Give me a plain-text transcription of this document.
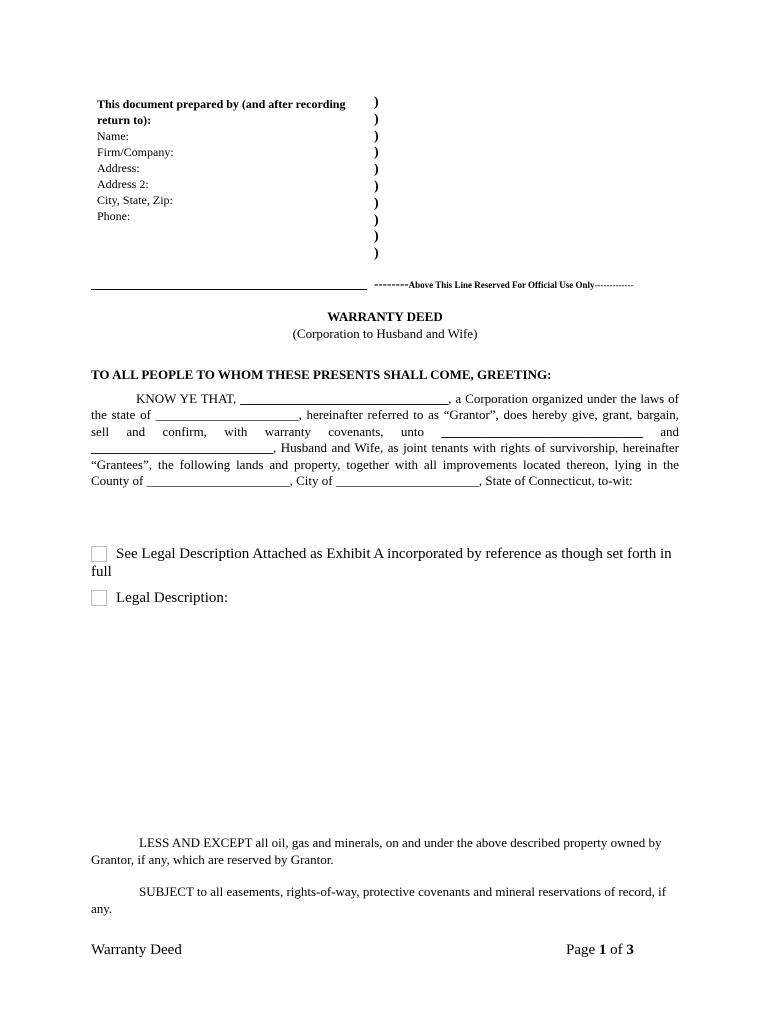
This document prepared by (and after recording
return to):
Name:
Firm/Company:
Address:
Address 2:
City, State, Zip:
Phone:
)
)
)
)
)
)
)
)
)
)
--------Above This Line Reserved For Official Use Only-------------
WARRANTY DEED
(Corporation to Husband and Wife)
TO ALL PEOPLE TO WHOM THESE PRESENTS SHALL COME, GREETING:

KNOW YE THAT, ________________________________, a Corporation organized under the laws of the state of ______________________, hereinafter referred to as “Grantor”, does hereby give, grant, bargain, sell and confirm, with warranty covenants, unto _______________________________ and ____________________________, Husband and Wife, as joint tenants with rights of survivorship, hereinafter “Grantees”, the following lands and property, together with all improvements located thereon, lying in the County of ______________________, City of ______________________, State of Connecticut, to-wit:

See Legal Description Attached as Exhibit A incorporated by reference as though set forth in
full
Legal Description:

LESS AND EXCEPT all oil, gas and minerals, on and under the above described property owned by Grantor, if any, which are reserved by Grantor.

SUBJECT to all easements, rights-of-way, protective covenants and mineral reservations of record, if any.

Warranty Deed	Page 1 of 3
